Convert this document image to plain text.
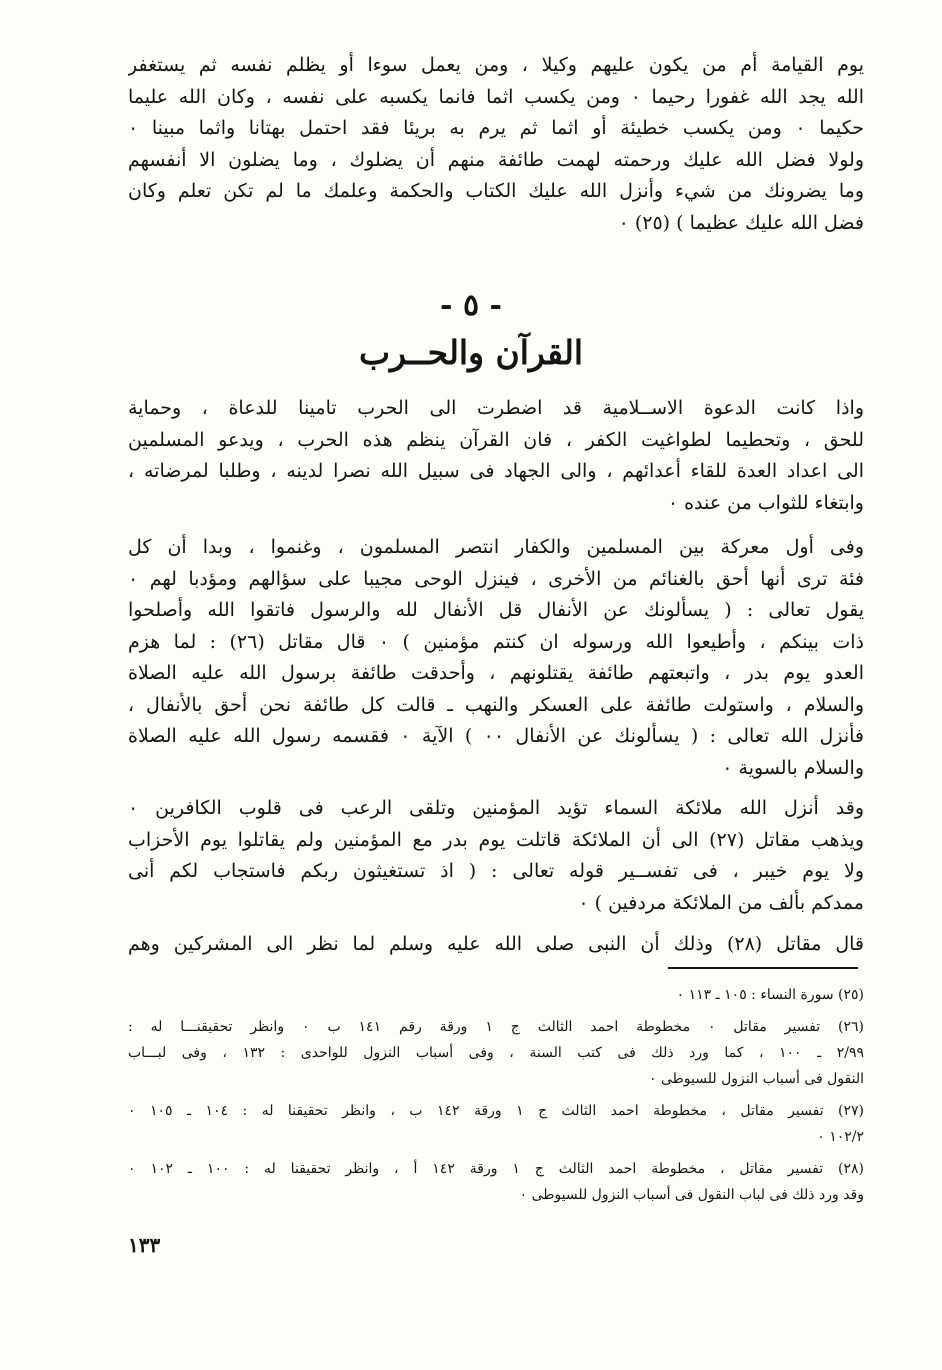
يوم القيامة أم من يكون عليهم وكيلا ، ومن يعمل سوءا أو يظلم نفسه ثم يستغفر
الله يجد الله غفورا رحيما ٠ ومن يكسب اثما فانما يكسبه على نفسه ، وكان الله عليما
حكيما ٠ ومن يكسب خطيئة أو اثما ثم يرم به بريئا فقد احتمل بهتانا واثما مبينا ٠
ولولا فضل الله عليك ورحمته لهمت طائفة منهم أن يضلوك ، وما يضلون الا أنفسهم
وما يضرونك من شيء وأنزل الله عليك الكتاب والحكمة وعلمك ما لم تكن تعلم وكان
فضل الله عليك عظيما ) (٢٥) ٠
- ٥ -
القرآن والحــرب
واذا كانت الدعوة الاســلامية قد اضطرت الى الحرب تامينا للدعاة ، وحماية
للحق ، وتحطيما لطواغيت الكفر ، فان القرآن ينظم هذه الحرب ، ويدعو المسلمين
الى اعداد العدة للقاء أعدائهم ، والى الجهاد فى سبيل الله نصرا لدينه ، وطلبا لمرضاته ،
وابتغاء للثواب من عنده ٠
وفى أول معركة بين المسلمين والكفار انتصر المسلمون ، وغنموا ، وبدا أن كل
فئة ترى أنها أحق بالغنائم من الأخرى ، فينزل الوحى مجيبا على سؤالهم ومؤدبا لهم ٠
يقول تعالى : ( يسألونك عن الأنفال قل الأنفال لله والرسول فاتقوا الله وأصلحوا
ذات بينكم ، وأطيعوا الله ورسوله ان كنتم مؤمنين ) ٠ قال مقاتل (٢٦) : لما هزم
العدو يوم بدر ، واتبعتهم طائفة يقتلونهم ، وأحدقت طائفة برسول الله عليه الصلاة
والسلام ، واستولت طائفة على العسكر والنهب ـ قالت كل طائفة نحن أحق بالأنفال ،
فأنزل الله تعالى : ( يسألونك عن الأنفال ٠٠ ) الآية ٠ فقسمه رسول الله عليه الصلاة
والسلام بالسوية ٠
وقد أنزل الله ملائكة السماء تؤيد المؤمنين وتلقى الرعب فى قلوب الكافرين ٠
ويذهب مقاتل (٢٧) الى أن الملائكة قاتلت يوم بدر مع المؤمنين ولم يقاتلوا يوم الأحزاب
ولا يوم خيبر ، فى تفســير قوله تعالى : ( اذ تستغيثون ربكم فاستجاب لكم أنى
ممدكم بألف من الملائكة مردفين ) ٠
قال مقاتل (٢٨) وذلك أن النبى صلى الله عليه وسلم لما نظر الى المشركين وهم
(٢٥) سورة النساء : ١٠٥ ـ ١١٣ ٠
(٢٦) تفسير مقاتل ٠ مخطوطة احمد الثالث ج ١ ورقة رقم ١٤١ ب ٠ وانظر تحقيقنـــا له :
٢/٩٩ ـ ١٠٠ ، كما ورد ذلك فى كتب السنة ، وفى أسباب النزول للواحدى : ١٣٢ ، وفى لبـــاب
النقول فى أسباب النزول للسيوطى ٠
(٢٧) تفسير مقاتل ، مخطوطة احمد الثالث ج ١ ورقة ١٤٢ ب ، وانظر تحقيقنا له : ١٠٤ ـ ١٠٥ ٠
١٠٢/٢ ٠
(٢٨) تفسير مقاتل ، مخطوطة احمد الثالث ج ١ ورقة ١٤٢ أ ، وانظر تحقيقنا له : ١٠٠ ـ ١٠٢ ٠
وقد ورد ذلك فى لباب النقول فى أسباب النزول للسيوطى ٠
١٣٣
